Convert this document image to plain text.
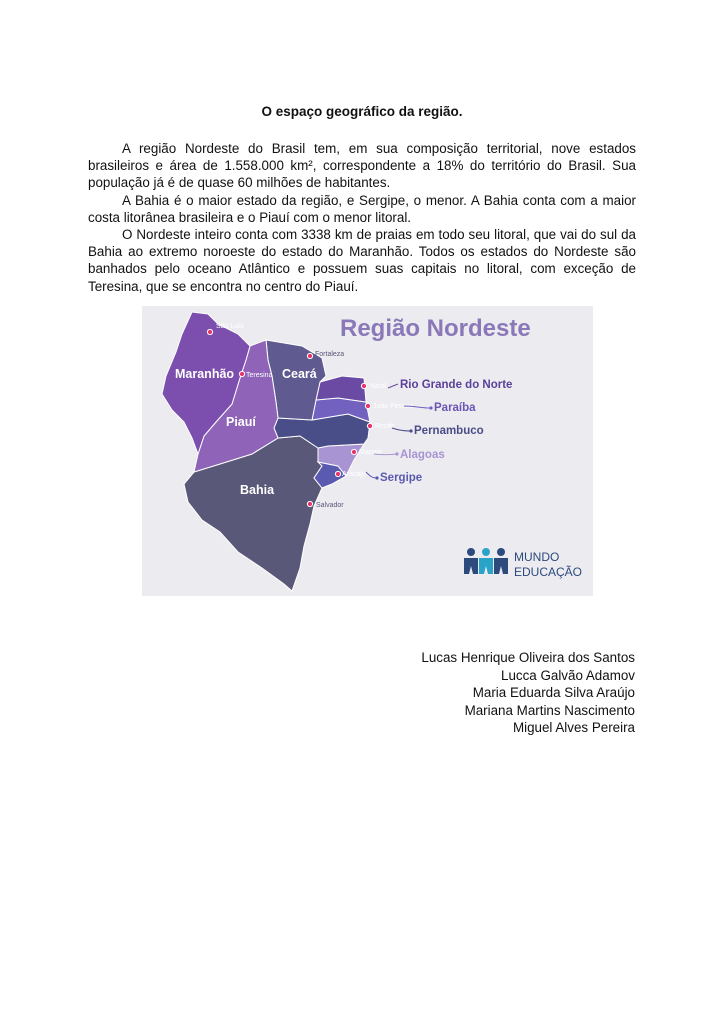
O espaço geográfico da região.

A região Nordeste do Brasil tem, em sua composição territorial, nove estados brasileiros e área de 1.558.000 km², correspondente a 18% do território do Brasil. Sua população já é de quase 60 milhões de habitantes.

A Bahia é o maior estado da região, e Sergipe, o menor. A Bahia conta com a maior costa litorânea brasileira e o Piauí com o menor litoral.

O Nordeste inteiro conta com 3338 km de praias em todo seu litoral, que vai do sul da Bahia ao extremo noroeste do estado do Maranhão. Todos os estados do Nordeste são banhados pelo oceano Atlântico e possuem suas capitais no litoral, com exceção de Teresina, que se encontra no centro do Piauí.

Maranhão
Piauí
Ceará
Bahia
São Luís
Teresina
Fortaleza
Natal
João Pessoa
Recife
Maceió
Aracaju
Salvador
Rio Grande do Norte
Paraíba
Pernambuco
Alagoas
Sergipe
Região Nordeste
MUNDO
EDUCAÇÃO
Lucas Henrique Oliveira dos Santos
Lucca Galvão Adamov
Maria Eduarda Silva Araújo
Mariana Martins Nascimento
Miguel Alves Pereira
